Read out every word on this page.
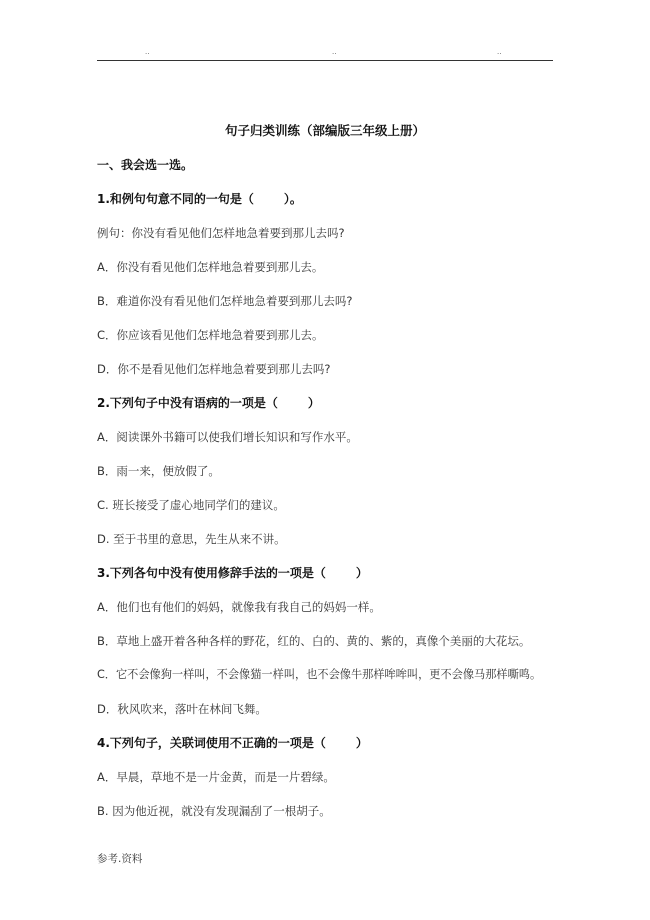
..	..	..
句子归类训练（部编版三年级上册）
一、我会选一选。
1.和例句句意不同的一句是（	）。
例句：你没有看见他们怎样地急着要到那儿去吗?
A．你没有看见他们怎样地急着要到那儿去。
B．难道你没有看见他们怎样地急着要到那儿去吗?
C．你应该看见他们怎样地急着要到那儿去。
D．你不是看见他们怎样地急着要到那儿去吗?
2.下列句子中没有语病的一项是（	）
A．阅读课外书籍可以使我们增长知识和写作水平。
B．雨一来，便放假了。
C. 班长接受了虚心地同学们的建议。
D. 至于书里的意思，先生从来不讲。
3.下列各句中没有使用修辞手法的一项是（	）
A．他们也有他们的妈妈，就像我有我自己的妈妈一样。
B．草地上盛开着各种各样的野花，红的、白的、黄的、紫的，真像个美丽的大花坛。
C．它不会像狗一样叫，不会像猫一样叫，也不会像牛那样哞哞叫，更不会像马那样嘶鸣。
D．秋风吹来，落叶在林间飞舞。
4.下列句子，关联词使用不正确的一项是（	）
A．早晨，草地不是一片金黄，而是一片碧绿。
B. 因为他近视，就没有发现漏刮了一根胡子。
参考.资料
